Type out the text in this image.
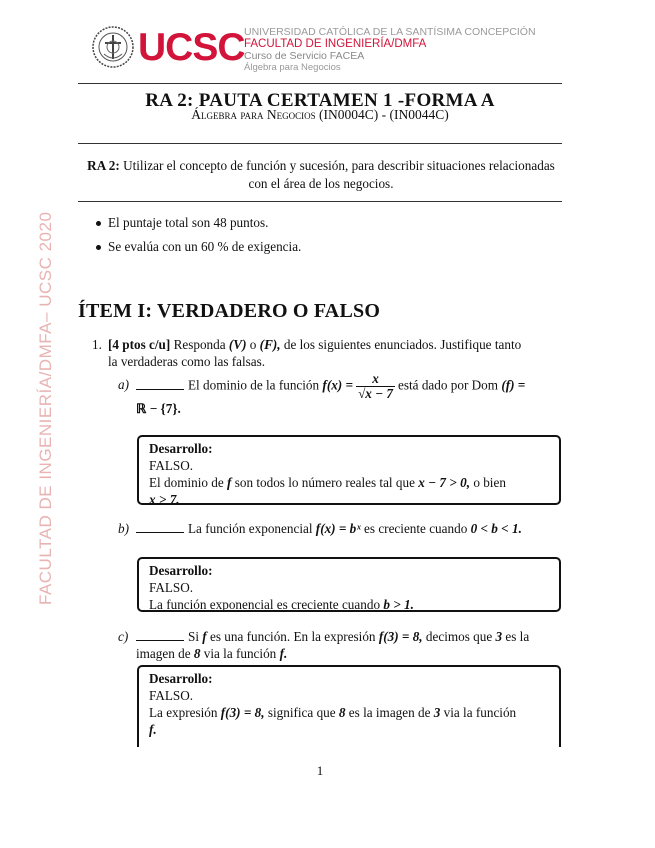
FACULTAD DE INGENIERÍA/DMFA– UCSC 2020
UCSC UNIVERSIDAD CATÓLICA DE LA SANTÍSIMA CONCEPCIÓN
FACULTAD DE INGENIERÍA/DMFA
Curso de Servicio FACEA
Álgebra para Negocios
RA 2: PAUTA CERTAMEN 1 -FORMA A
Álgebra para Negocios (IN0004C) - (IN0044C)
RA 2: Utilizar el concepto de función y sucesión, para describir situaciones relacionadas con el área de los negocios.
El puntaje total son 48 puntos.
Se evalúa con un 60 % de exigencia.
ÍTEM I: VERDADERO O FALSO
1. [4 ptos c/u] Responda (V) o (F), de los siguientes enunciados. Justifique tanto
la verdaderas como las falsas.
a)	El dominio de la función $f(x) = \frac{x}{√x - 7}$ está dado por Dom (f) =
ℝ − {7}.
Desarrollo:
FALSO.
El dominio de f son todos lo número reales tal que x − 7 > 0, o bien
x > 7.
b)	La función exponencial f(x) = bˣ es creciente cuando 0 < b < 1.
Desarrollo:
FALSO.
La función exponencial es creciente cuando b > 1.
c)	Si f es una función. En la expresión f(3) = 8, decimos que 3 es la
imagen de 8 via la función f.
Desarrollo:
FALSO.
La expresión f(3) = 8, significa que 8 es la imagen de 3 via la función
f.
1
